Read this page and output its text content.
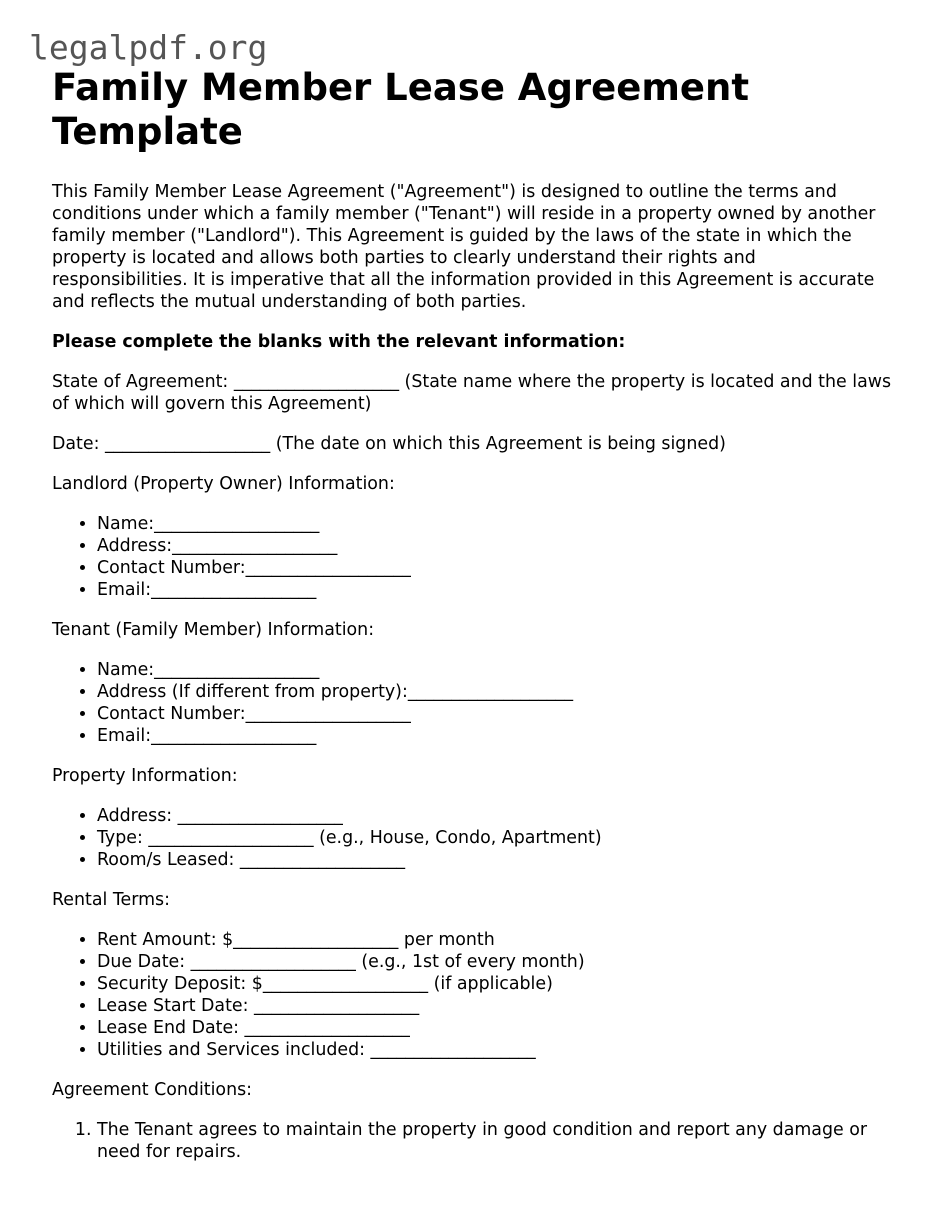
legalpdf.org
Family Member Lease Agreement Template

This Family Member Lease Agreement ("Agreement") is designed to outline the terms and conditions under which a family member ("Tenant") will reside in a property owned by another family member ("Landlord"). This Agreement is guided by the laws of the state in which the property is located and allows both parties to clearly understand their rights and responsibilities. It is imperative that all the information provided in this Agreement is accurate and reflects the mutual understanding of both parties.

Please complete the blanks with the relevant information:

State of Agreement: ___________________ (State name where the property is located and the laws of which will govern this Agreement)

Date: ___________________ (The date on which this Agreement is being signed)

Landlord (Property Owner) Information:

• Name:___________________
• Address:___________________
• Contact Number:___________________
• Email:___________________

Tenant (Family Member) Information:

• Name:___________________
• Address (If different from property):___________________
• Contact Number:___________________
• Email:___________________

Property Information:

• Address: ___________________
• Type: ___________________ (e.g., House, Condo, Apartment)
• Room/s Leased: ___________________

Rental Terms:

• Rent Amount: $___________________ per month
• Due Date: ___________________ (e.g., 1st of every month)
• Security Deposit: $___________________ (if applicable)
• Lease Start Date: ___________________
• Lease End Date: ___________________
• Utilities and Services included: ___________________

Agreement Conditions:

1. The Tenant agrees to maintain the property in good condition and report any damage or need for repairs.
